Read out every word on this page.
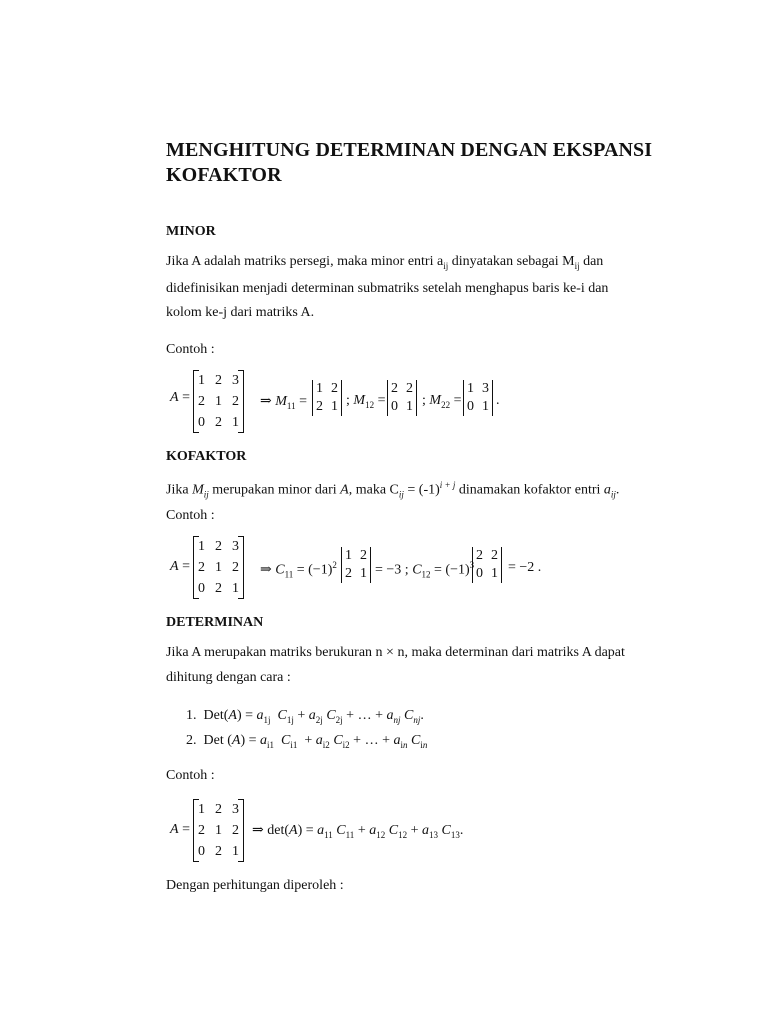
MENGHITUNG DETERMINAN DENGAN EKSPANSI KOFAKTOR
MINOR
Jika A adalah matriks persegi, maka minor entri $a_{ij}$ dinyatakan sebagai $M_{ij}$ dan
didefinisikan menjadi determinan submatriks setelah menghapus baris ke-i dan
kolom ke-j dari matriks A.
Contoh :
A =
1	2	3
2	1	2
0	2	1
⇒ $M_{11}$ =
1	2
2	1 ; $M_{12}$ =
2	2
0	1 ; $M_{22}$ =
1	3
0	1 .
KOFAKTOR
Jika $M_{ij}$ merupakan minor dari A, maka $C_{ij} = (-1)^{i + j}$ dinamakan kofaktor entri $a_{ij}$.
Contoh :
A =
1	2	3
2	1	2
0	2	1
⇒ $C_{11} = (-1)^2$
1	2
2	1 = −3 ; $C_{12} = (-1)^3$
2	2
0	1 = −2 .
DETERMINAN
Jika A merupakan matriks berukuran n × n, maka determinan dari matriks A dapat
dihitung dengan cara :
1.  $Det(A) = a_{1j}$ $C_{1j} + a_{2j}$ $C_{2j}$ + … + $a_{nj}$ $C_{nj}$.
2.  Det $(A) = a_{i1}$ $C_{i1} + a_{i2}$ $C_{i2}$ + … + $a_{in}$ $C_{in}$
Contoh :
A =
1	2	3
2	1	2
0	2	1
⇒ $\det(A) = a_{11}$ $C_{11} + a_{12}$ $C_{12} + a_{13}$ $C_{13}$.
Dengan perhitungan diperoleh :
